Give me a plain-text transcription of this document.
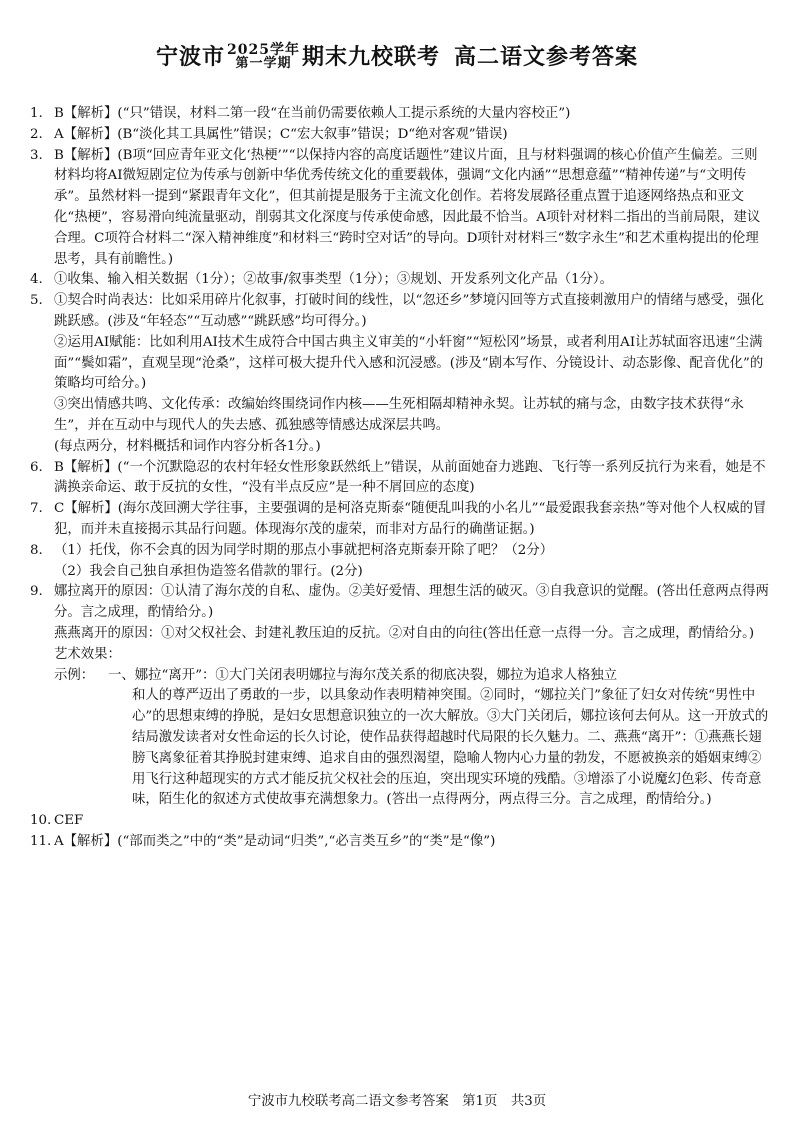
宁波市 2025学年
第一学期 期末九校联考 高二语文参考答案
1. B【解析】(“只”错误，材料二第一段“在当前仍需要依赖人工提示系统的大量内容校正”)
2. A【解析】(B“淡化其工具属性”错误；C“宏大叙事”错误；D“绝对客观”错误)
3. B【解析】(B项“回应青年亚文化‘热梗’”“以保持内容的高度话题性”建议片面，且与材料强调的核心价值产生偏差。三则材料均将AI微短剧定位为传承与创新中华优秀传统文化的重要载体，强调“文化内涵”“思想意蕴”“精神传递”与“文明传承”。虽然材料一提到“紧跟青年文化”，但其前提是服务于主流文化创作。若将发展路径重点置于追逐网络热点和亚文化“热梗”，容易滑向纯流量驱动，削弱其文化深度与传承使命感，因此最不恰当。A项针对材料二指出的当前局限，建议合理。C项符合材料二“深入精神维度”和材料三“跨时空对话”的导向。D项针对材料三“数字永生”和艺术重构提出的伦理思考，具有前瞻性。)
4. ①收集、输入相关数据（1分）；②故事/叙事类型（1分）；③规划、开发系列文化产品（1分）。
5. ①契合时尚表达：比如采用碎片化叙事，打破时间的线性，以“忽还乡”梦境闪回等方式直接刺激用户的情绪与感受，强化跳跃感。(涉及“年轻态”“互动感”“跳跃感”均可得分。)
②运用AI赋能：比如利用AI技术生成符合中国古典主义审美的“小轩窗”“短松冈”场景，或者利用AI让苏轼面容迅速“尘满面”“鬓如霜”，直观呈现“沧桑”，这样可极大提升代入感和沉浸感。(涉及“剧本写作、分镜设计、动态影像、配音优化”的策略均可给分。)
③突出情感共鸣、文化传承：改编始终围绕词作内核——生死相隔却精神永契。让苏轼的痛与念，由数字技术获得“永生”，并在互动中与现代人的失去感、孤独感等情感达成深层共鸣。
(每点两分，材料概括和词作内容分析各1分。)
6. B【解析】(“一个沉默隐忍的农村年轻女性形象跃然纸上”错误，从前面她奋力逃跑、飞行等一系列反抗行为来看，她是不满换亲命运、敢于反抗的女性，“没有半点反应”是一种不屑回应的态度)
7. C【解析】(海尔茂回溯大学往事，主要强调的是柯洛克斯泰“随便乱叫我的小名儿”“最爱跟我套亲热”等对他个人权威的冒犯，而并未直接揭示其品行问题。体现海尔茂的虚荣，而非对方品行的确凿证据。)
8. （1）托伐，你不会真的因为同学时期的那点小事就把柯洛克斯泰开除了吧？（2分）
（2）我会自己独自承担伪造签名借款的罪行。(2分)
9. 娜拉离开的原因：①认清了海尔茂的自私、虚伪。②美好爱情、理想生活的破灭。③自我意识的觉醒。(答出任意两点得两分。言之成理，酌情给分。)
燕燕离开的原因：①对父权社会、封建礼教压迫的反抗。②对自由的向往(答出任意一点得一分。言之成理，酌情给分。)
艺术效果：
示例：	一、娜拉“离开”：①大门关闭表明娜拉与海尔茂关系的彻底决裂，娜拉为追求人格独立
和人的尊严迈出了勇敢的一步，以具象动作表明精神突围。②同时，“娜拉关门”象征了妇女对传统“男性中心”的思想束缚的挣脱，是妇女思想意识独立的一次大解放。③大门关闭后，娜拉该何去何从。这一开放式的结局激发读者对女性命运的长久讨论，使作品获得超越时代局限的长久魅力。二、燕燕“离开”：①燕燕长翅膀飞离象征着其挣脱封建束缚、追求自由的强烈渴望，隐喻人物内心力量的勃发，不愿被换亲的婚姻束缚②用飞行这种超现实的方式才能反抗父权社会的压迫，突出现实环境的残酷。③增添了小说魔幻色彩、传奇意味，陌生化的叙述方式使故事充满想象力。(答出一点得两分，两点得三分。言之成理，酌情给分。)
10. CEF
11. A【解析】(“部而类之”中的“类”是动词“归类”,“必言类互乡”的“类”是“像”)
宁波市九校联考高二语文参考答案　第1页　共3页
